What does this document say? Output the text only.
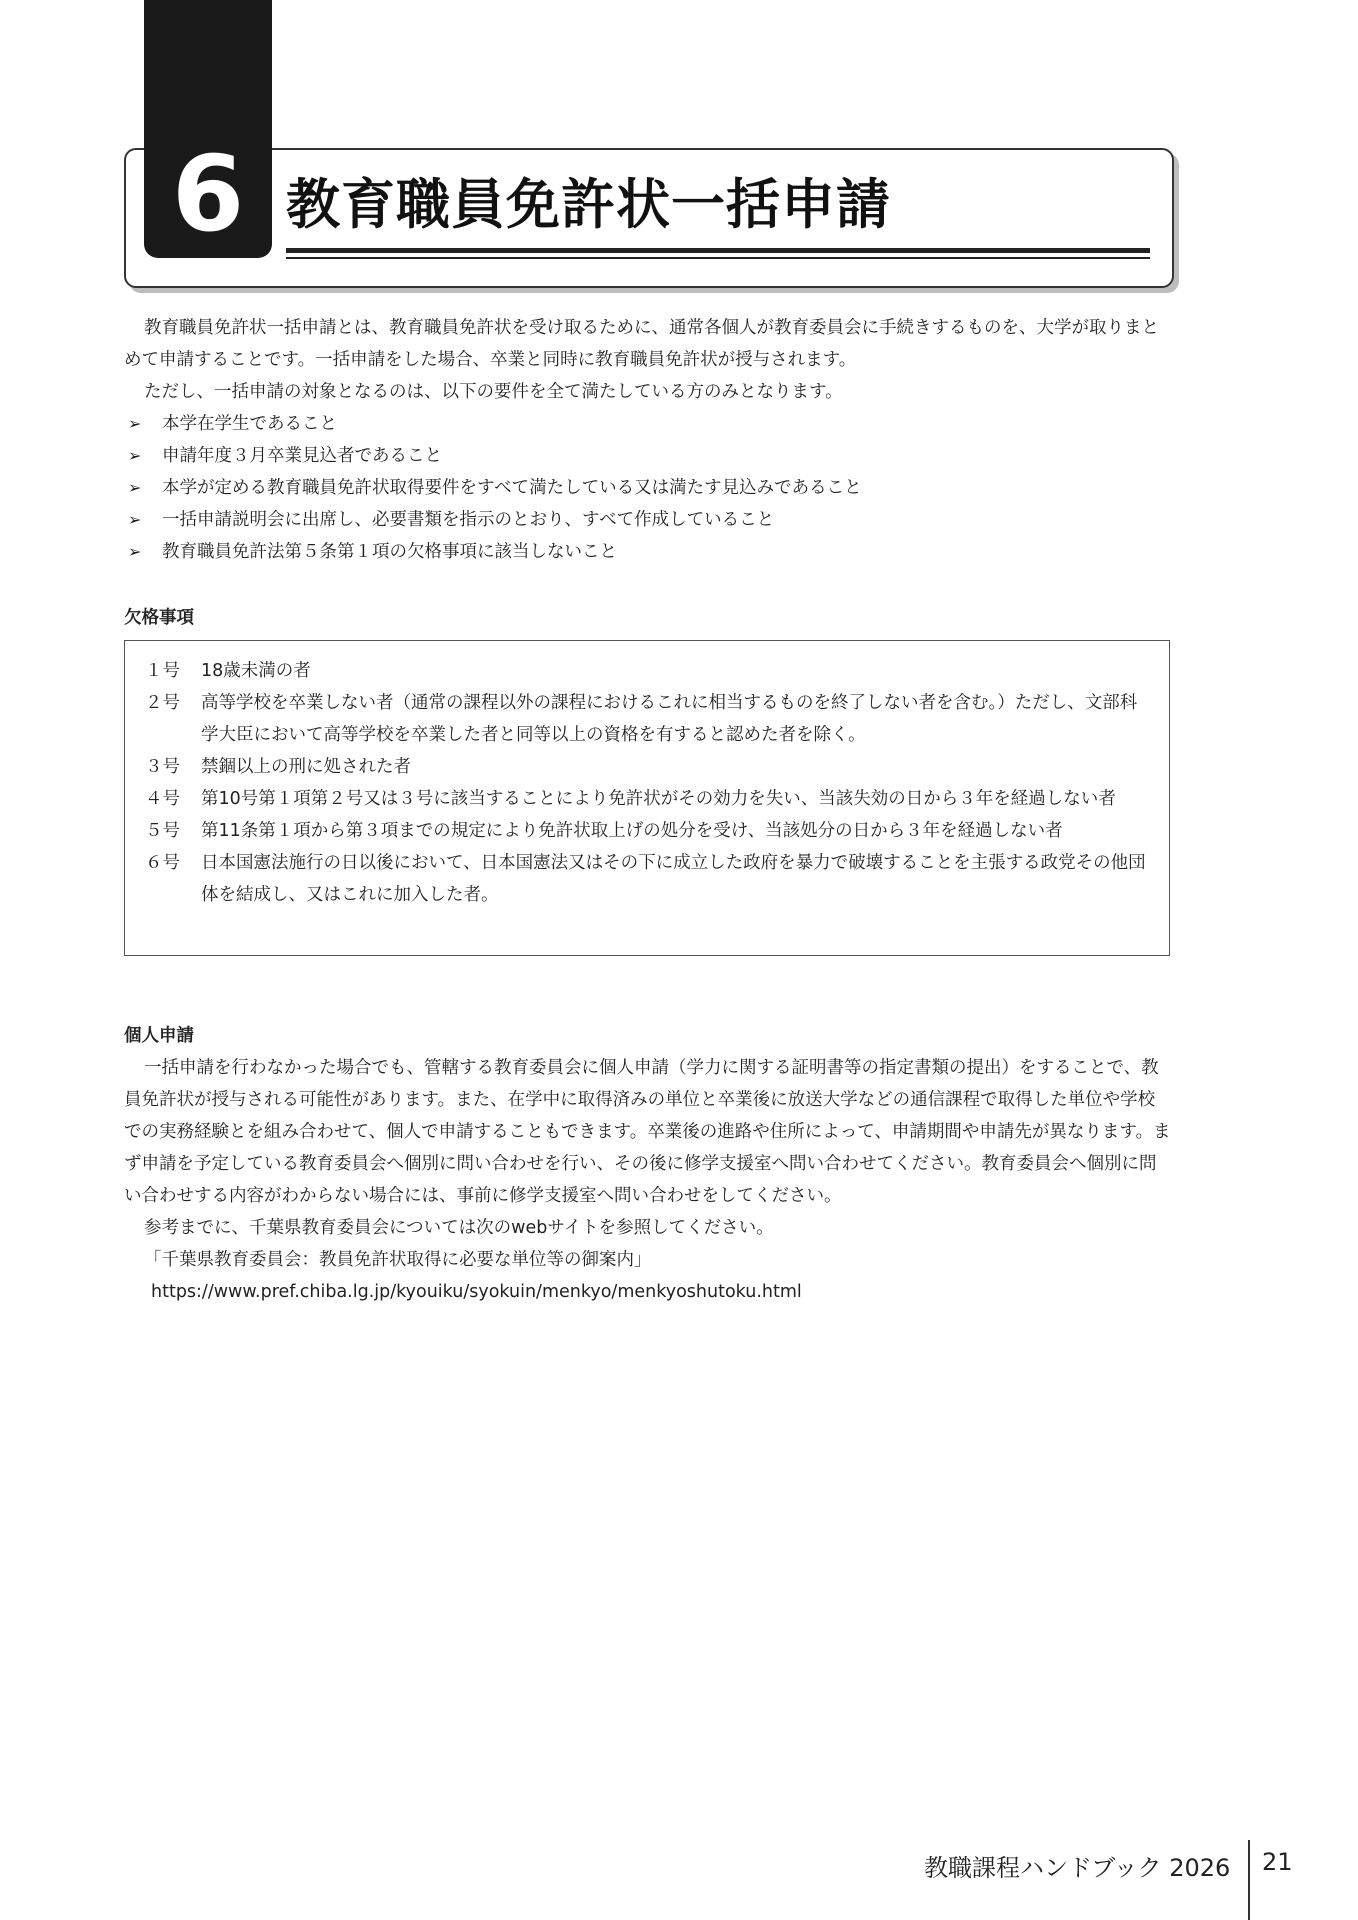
6 教育職員免許状一括申請

教育職員免許状一括申請とは、教育職員免許状を受け取るために、通常各個人が教育委員会に手続きするものを、大学が取りまとめて申請することです。一括申請をした場合、卒業と同時に教育職員免許状が授与されます。

ただし、一括申請の対象となるのは、以下の要件を全て満たしている方のみとなります。

➢ 本学在学生であること
➢ 申請年度３月卒業見込者であること
➢ 本学が定める教育職員免許状取得要件をすべて満たしている又は満たす見込みであること
➢ 一括申請説明会に出席し、必要書類を指示のとおり、すべて作成していること
➢ 教育職員免許法第５条第１項の欠格事項に該当しないこと
欠格事項
１号	18歳未満の者
２号	高等学校を卒業しない者（通常の課程以外の課程におけるこれに相当するものを終了しない者を含む。）ただし、文部科学大臣において高等学校を卒業した者と同等以上の資格を有すると認めた者を除く。
３号	禁錮以上の刑に処された者
４号	第10号第１項第２号又は３号に該当することにより免許状がその効力を失い、当該失効の日から３年を経過しない者
５号	第11条第１項から第３項までの規定により免許状取上げの処分を受け、当該処分の日から３年を経過しない者
６号	日本国憲法施行の日以後において、日本国憲法又はその下に成立した政府を暴力で破壊することを主張する政党その他団体を結成し、又はこれに加入した者。
個人申請

一括申請を行わなかった場合でも、管轄する教育委員会に個人申請（学力に関する証明書等の指定書類の提出）をすることで、教員免許状が授与される可能性があります。また、在学中に取得済みの単位と卒業後に放送大学などの通信課程で取得した単位や学校での実務経験とを組み合わせて、個人で申請することもできます。卒業後の進路や住所によって、申請期間や申請先が異なります。まず申請を予定している教育委員会へ個別に問い合わせを行い、その後に修学支援室へ問い合わせてください。教育委員会へ個別に問い合わせする内容がわからない場合には、事前に修学支援室へ問い合わせをしてください。

参考までに、千葉県教育委員会については次のwebサイトを参照してください。

「千葉県教育委員会：教員免許状取得に必要な単位等の御案内」

https://www.pref.chiba.lg.jp/kyouiku/syokuin/menkyo/menkyoshutoku.html

教職課程ハンドブック 2026 21
